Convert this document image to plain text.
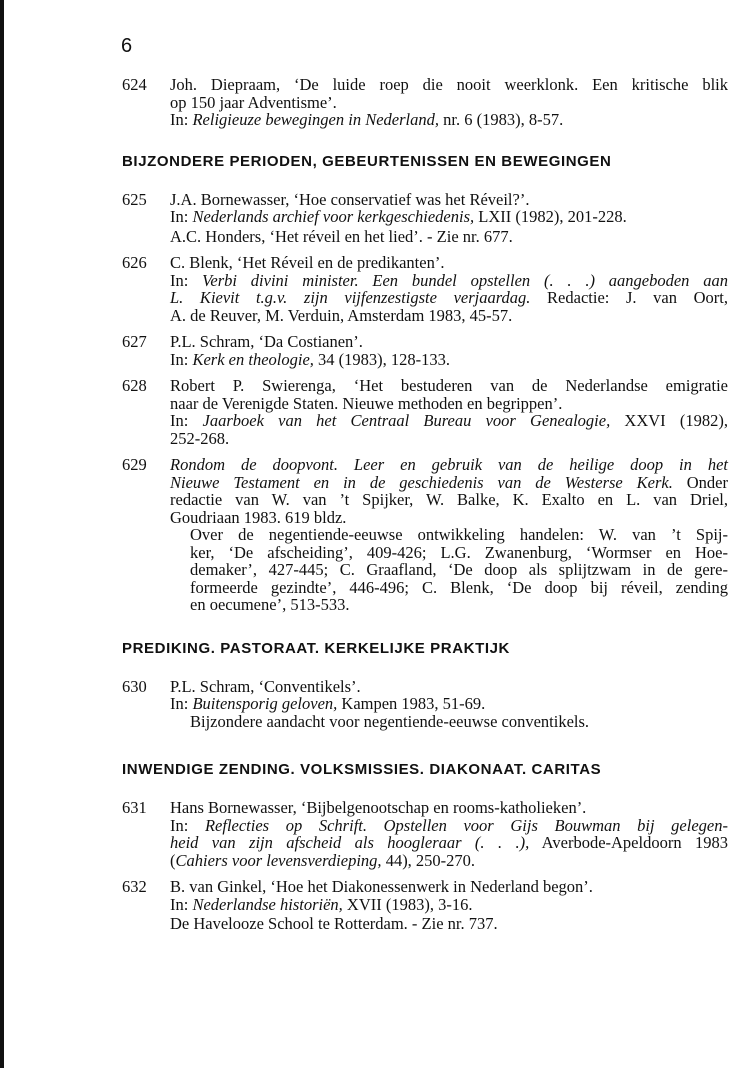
6
624 Joh. Diepraam, ‘De luide roep die nooit weerklonk. Een kritische blik
op 150 jaar Adventisme’.
In: Religieuze bewegingen in Nederland, nr. 6 (1983), 8-57.
BIJZONDERE PERIODEN, GEBEURTENISSEN EN BEWEGINGEN
625 J.A. Bornewasser, ‘Hoe conservatief was het Réveil?’.
In: Nederlands archief voor kerkgeschiedenis, LXII (1982), 201-228.
A.C. Honders, ‘Het réveil en het lied’. - Zie nr. 677.
626 C. Blenk, ‘Het Réveil en de predikanten’.
In: Verbi divini minister. Een bundel opstellen (. . .) aangeboden aan
L. Kievit t.g.v. zijn vijfenzestigste verjaardag. Redactie: J. van Oort,
A. de Reuver, M. Verduin, Amsterdam 1983, 45-57.
627 P.L. Schram, ‘Da Costianen’.
In: Kerk en theologie, 34 (1983), 128-133.
628 Robert P. Swierenga, ‘Het bestuderen van de Nederlandse emigratie
naar de Verenigde Staten. Nieuwe methoden en begrippen’.
In: Jaarboek van het Centraal Bureau voor Genealogie, XXVI (1982),
252-268.
629 Rondom de doopvont. Leer en gebruik van de heilige doop in het
Nieuwe Testament en in de geschiedenis van de Westerse Kerk. Onder
redactie van W. van ’t Spijker, W. Balke, K. Exalto en L. van Driel,
Goudriaan 1983. 619 bldz.
Over de negentiende-eeuwse ontwikkeling handelen: W. van ’t Spij-
ker, ‘De afscheiding’, 409-426; L.G. Zwanenburg, ‘Wormser en Hoe-
demaker’, 427-445; C. Graafland, ‘De doop als splijtzwam in de gere-
formeerde gezindte’, 446-496; C. Blenk, ‘De doop bij réveil, zending
en oecumene’, 513-533.
PREDIKING. PASTORAAT. KERKELIJKE PRAKTIJK
630 P.L. Schram, ‘Conventikels’.
In: Buitensporig geloven, Kampen 1983, 51-69.
Bijzondere aandacht voor negentiende-eeuwse conventikels.
INWENDIGE ZENDING. VOLKSMISSIES. DIAKONAAT. CARITAS
631 Hans Bornewasser, ‘Bijbelgenootschap en rooms-katholieken’.
In: Reflecties op Schrift. Opstellen voor Gijs Bouwman bij gelegen-
heid van zijn afscheid als hoogleraar (. . .), Averbode-Apeldoorn 1983
(Cahiers voor levensverdieping, 44), 250-270.
632 B. van Ginkel, ‘Hoe het Diakonessenwerk in Nederland begon’.
In: Nederlandse historiën, XVII (1983), 3-16.
De Havelooze School te Rotterdam. - Zie nr. 737.
